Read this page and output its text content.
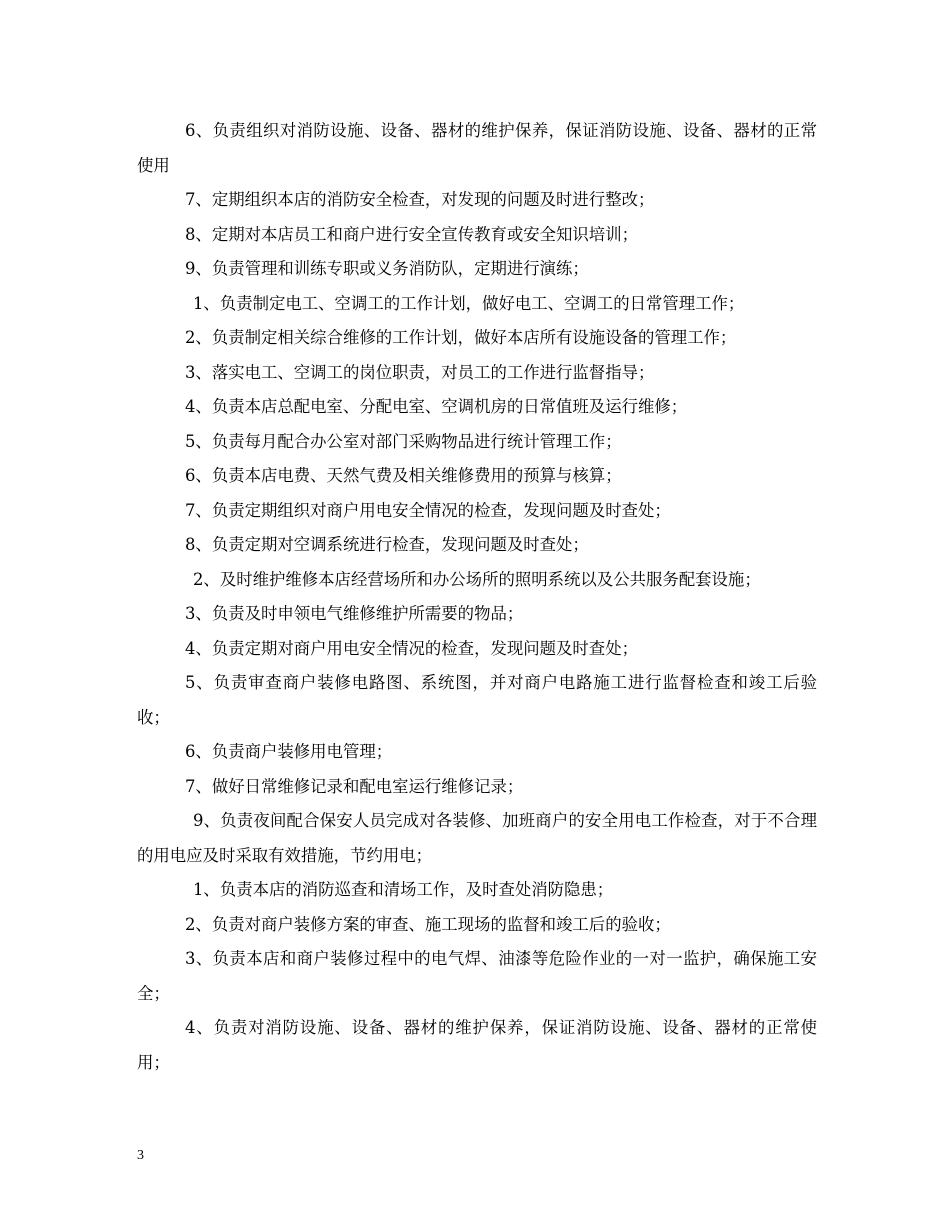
6、负责组织对消防设施、设备、器材的维护保养，保证消防设施、设备、器材的正常使用

7、定期组织本店的消防安全检查，对发现的问题及时进行整改；

8、定期对本店员工和商户进行安全宣传教育或安全知识培训；

9、负责管理和训练专职或义务消防队，定期进行演练；

1、负责制定电工、空调工的工作计划，做好电工、空调工的日常管理工作；

2、负责制定相关综合维修的工作计划，做好本店所有设施设备的管理工作；

3、落实电工、空调工的岗位职责，对员工的工作进行监督指导；

4、负责本店总配电室、分配电室、空调机房的日常值班及运行维修；

5、负责每月配合办公室对部门采购物品进行统计管理工作；

6、负责本店电费、天然气费及相关维修费用的预算与核算；

7、负责定期组织对商户用电安全情况的检查，发现问题及时查处；

8、负责定期对空调系统进行检查，发现问题及时查处；

2、及时维护维修本店经营场所和办公场所的照明系统以及公共服务配套设施；

3、负责及时申领电气维修维护所需要的物品；

4、负责定期对商户用电安全情况的检查，发现问题及时查处；

5、负责审查商户装修电路图、系统图，并对商户电路施工进行监督检查和竣工后验收；

6、负责商户装修用电管理；

7、做好日常维修记录和配电室运行维修记录；

9、负责夜间配合保安人员完成对各装修、加班商户的安全用电工作检查，对于不合理的用电应及时采取有效措施，节约用电；

1、负责本店的消防巡查和清场工作，及时查处消防隐患；

2、负责对商户装修方案的审查、施工现场的监督和竣工后的验收；

3、负责本店和商户装修过程中的电气焊、油漆等危险作业的一对一监护，确保施工安全；

4、负责对消防设施、设备、器材的维护保养，保证消防设施、设备、器材的正常使用；

3
